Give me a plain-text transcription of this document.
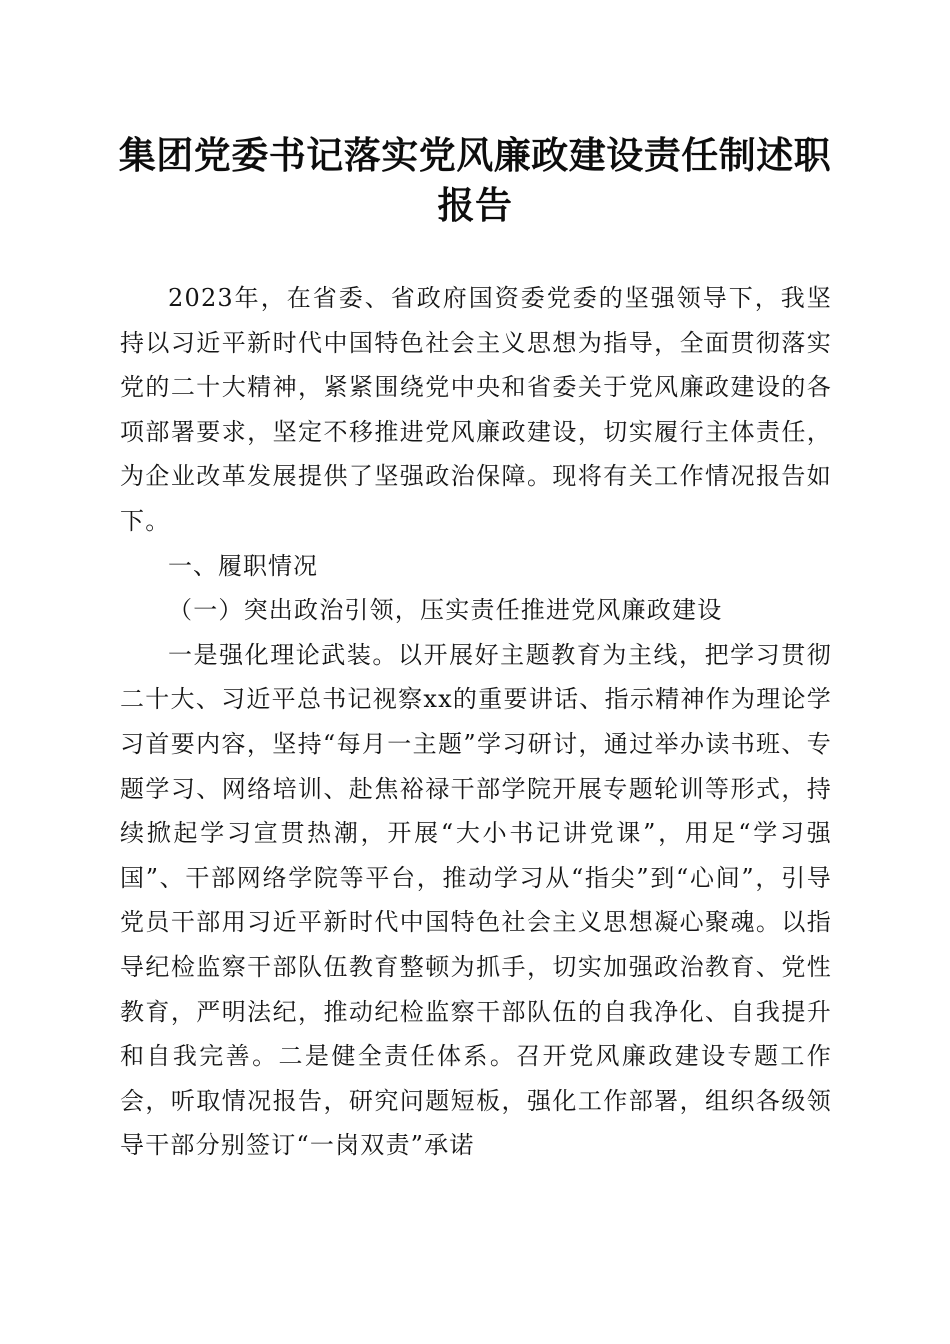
集团党委书记落实党风廉政建设责任制述职报告

2023年，在省委、省政府国资委党委的坚强领导下，我坚持以习近平新时代中国特色社会主义思想为指导，全面贯彻落实党的二十大精神，紧紧围绕党中央和省委关于党风廉政建设的各项部署要求，坚定不移推进党风廉政建设，切实履行主体责任，为企业改革发展提供了坚强政治保障。现将有关工作情况报告如下。

一、履职情况

（一）突出政治引领，压实责任推进党风廉政建设

一是强化理论武装。以开展好主题教育为主线，把学习贯彻二十大、习近平总书记视察xx的重要讲话、指示精神作为理论学习首要内容，坚持“每月一主题”学习研讨，通过举办读书班、专题学习、网络培训、赴焦裕禄干部学院开展专题轮训等形式，持续掀起学习宣贯热潮，开展“大小书记讲党课”，用足“学习强国”、干部网络学院等平台，推动学习从“指尖”到“心间”，引导党员干部用习近平新时代中国特色社会主义思想凝心聚魂。以指导纪检监察干部队伍教育整顿为抓手，切实加强政治教育、党性教育，严明法纪，推动纪检监察干部队伍的自我净化、自我提升和自我完善。二是健全责任体系。召开党风廉政建设专题工作会，听取情况报告，研究问题短板，强化工作部署，组织各级领导干部分别签订“一岗双责”承诺
